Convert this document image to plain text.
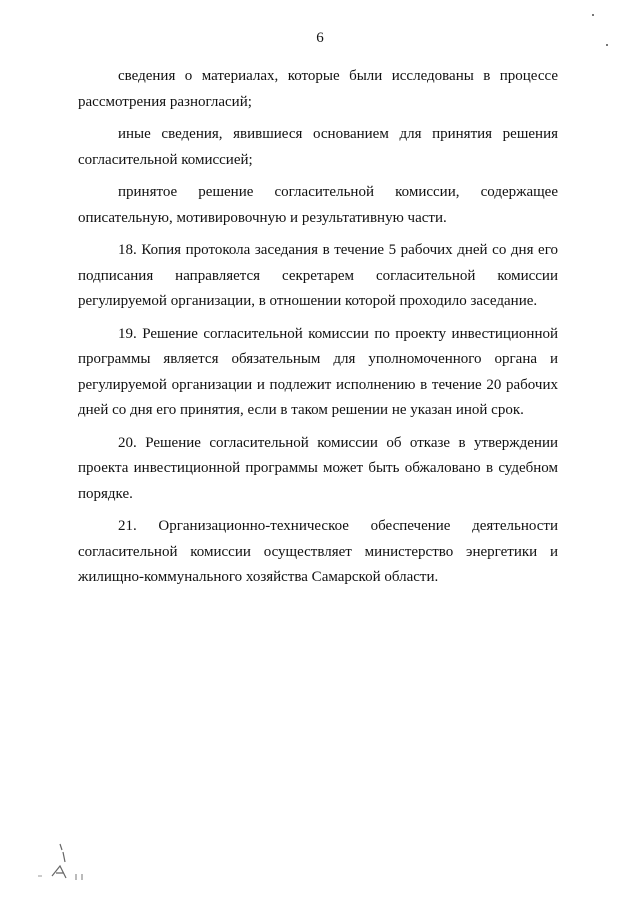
6

сведения о материалах, которые были исследованы в процессе рассмотрения разногласий;

иные сведения, явившиеся основанием для принятия решения согласительной комиссией;

принятое решение согласительной комиссии, содержащее описательную, мотивировочную и результативную части.

18. Копия протокола заседания в течение 5 рабочих дней со дня его подписания направляется секретарем согласительной комиссии регулируемой организации, в отношении которой проходило заседание.

19. Решение согласительной комиссии по проекту инвестиционной программы является обязательным для уполномоченного органа и регулируемой организации и подлежит исполнению в течение 20 рабочих дней со дня его принятия, если в таком решении не указан иной срок.

20. Решение согласительной комиссии об отказе в утверждении проекта инвестиционной программы может быть обжаловано в судебном порядке.

21. Организационно-техническое обеспечение деятельности согласительной комиссии осуществляет министерство энергетики и жилищно-коммунального хозяйства Самарской области.
